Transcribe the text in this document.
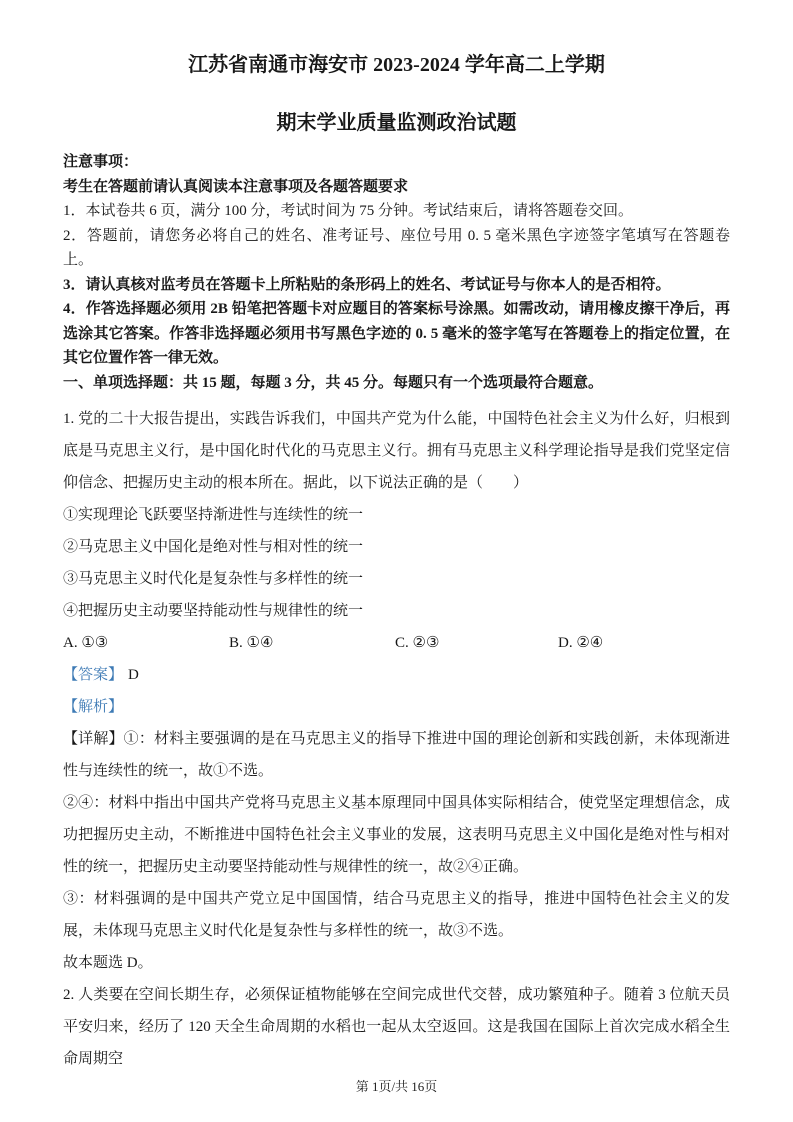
江苏省南通市海安市 2023-2024 学年高二上学期
期末学业质量监测政治试题

注意事项：

考生在答题前请认真阅读本注意事项及各题答题要求

1．本试卷共 6 页，满分 100 分，考试时间为 75 分钟。考试结束后，请将答题卷交回。

2．答题前，请您务必将自己的姓名、准考证号、座位号用 0. 5 毫米黑色字迹签字笔填写在答题卷上。

3．请认真核对监考员在答题卡上所粘贴的条形码上的姓名、考试证号与你本人的是否相符。

4．作答选择题必须用 2B 铅笔把答题卡对应题目的答案标号涂黑。如需改动，请用橡皮擦干净后，再选涂其它答案。作答非选择题必须用书写黑色字迹的 0. 5 毫米的签字笔写在答题卷上的指定位置，在其它位置作答一律无效。

一、单项选择题：共 15 题，每题 3 分，共 45 分。每题只有一个选项最符合题意。

1. 党的二十大报告提出，实践告诉我们，中国共产党为什么能，中国特色社会主义为什么好，归根到底是马克思主义行，是中国化时代化的马克思主义行。拥有马克思主义科学理论指导是我们党坚定信仰信念、把握历史主动的根本所在。据此，以下说法正确的是（　　）

①实现理论飞跃要坚持渐进性与连续性的统一

②马克思主义中国化是绝对性与相对性的统一

③马克思主义时代化是复杂性与多样性的统一

④把握历史主动要坚持能动性与规律性的统一

A. ①③	B. ①④	C. ②③	D. ②④

【答案】 D

【解析】

【详解】①：材料主要强调的是在马克思主义的指导下推进中国的理论创新和实践创新，未体现渐进性与连续性的统一，故①不选。

②④：材料中指出中国共产党将马克思主义基本原理同中国具体实际相结合，使党坚定理想信念，成功把握历史主动，不断推进中国特色社会主义事业的发展，这表明马克思主义中国化是绝对性与相对性的统一，把握历史主动要坚持能动性与规律性的统一，故②④正确。

③：材料强调的是中国共产党立足中国国情，结合马克思主义的指导，推进中国特色社会主义的发展，未体现马克思主义时代化是复杂性与多样性的统一，故③不选。

故本题选 D。

2. 人类要在空间长期生存，必须保证植物能够在空间完成世代交替，成功繁殖种子。随着 3 位航天员平安归来，经历了 120 天全生命周期的水稻也一起从太空返回。这是我国在国际上首次完成水稻全生命周期空

第 1页/共 16页
